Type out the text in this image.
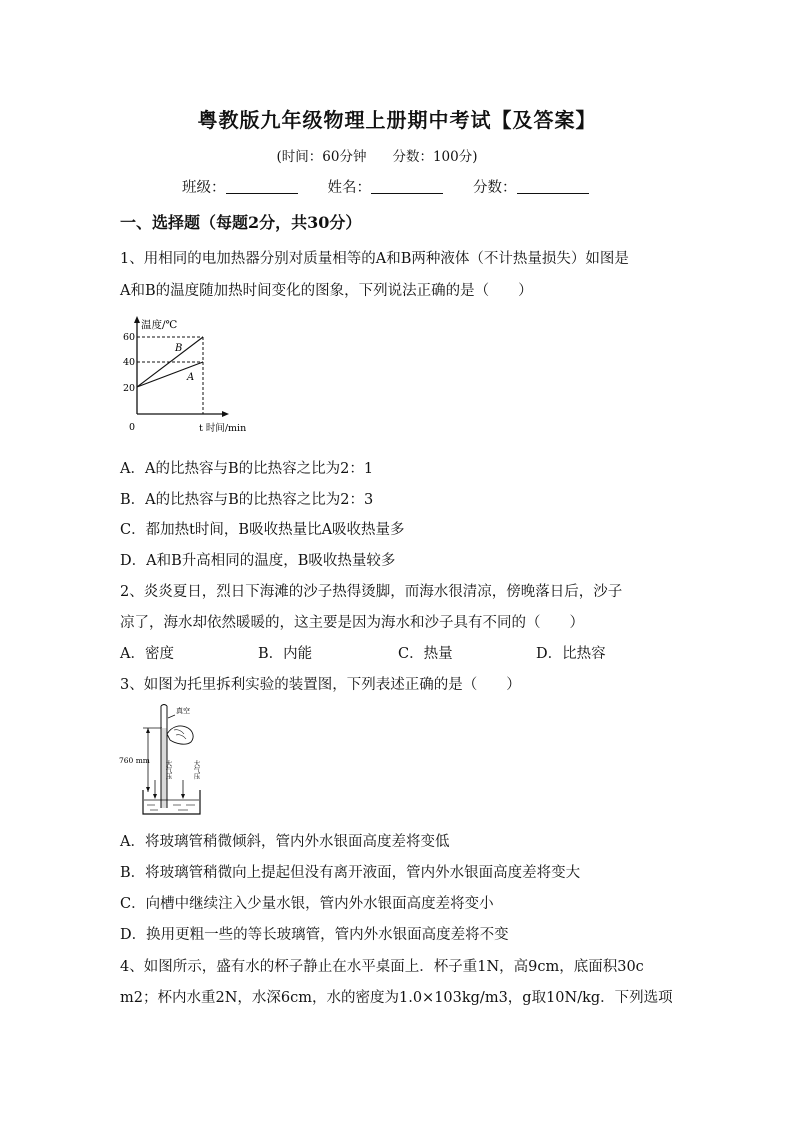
粤教版九年级物理上册期中考试【及答案】
(时间：60分钟 分数：100分)
班级：	姓名：	分数：
一、选择题（每题2分，共30分）
1、用相同的电加热器分别对质量相等的A和B两种液体（不计热量损失）如图是
A和B的温度随加热时间变化的图象，下列说法正确的是（　　）
温度/℃
60
40
20
B
A
0	t 时间/min
A．A的比热容与B的比热容之比为2：1
B．A的比热容与B的比热容之比为2：3
C．都加热t时间，B吸收热量比A吸收热量多
D．A和B升高相同的温度，B吸收热量较多
2、炎炎夏日，烈日下海滩的沙子热得烫脚，而海水很清凉，傍晚落日后，沙子
凉了，海水却依然暖暖的，这主要是因为海水和沙子具有不同的（　　）
A．密度	B．内能	C．热量	D．比热容
3、如图为托里拆利实验的装置图，下列表述正确的是（　　）
760 mm
真空
大气压 大气压
A．将玻璃管稍微倾斜，管内外水银面高度差将变低
B．将玻璃管稍微向上提起但没有离开液面，管内外水银面高度差将变大
C．向槽中继续注入少量水银，管内外水银面高度差将变小
D．换用更粗一些的等长玻璃管，管内外水银面高度差将不变
4、如图所示，盛有水的杯子静止在水平桌面上．杯子重1N，高9cm，底面积30c
m2；杯内水重2N，水深6cm，水的密度为1.0×103kg/m3，g取10N/kg．下列选项
